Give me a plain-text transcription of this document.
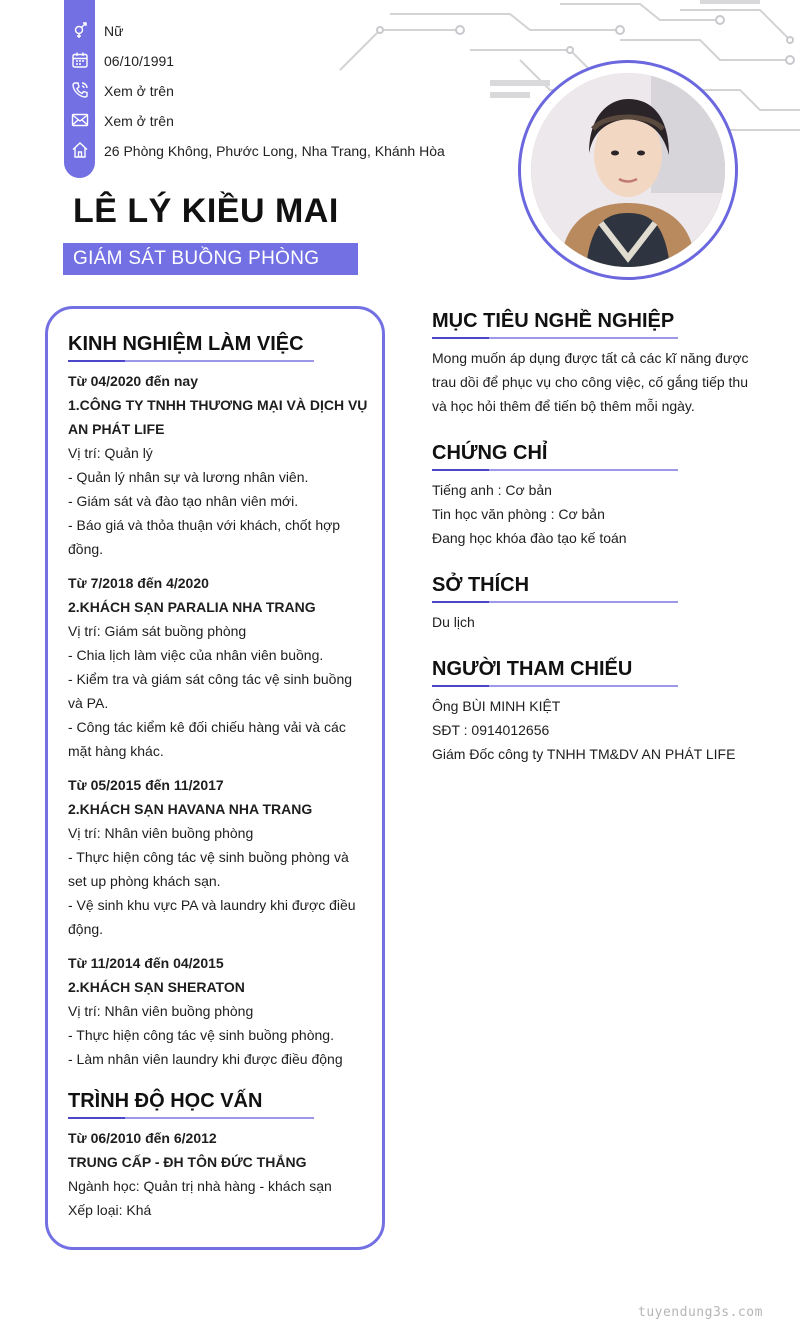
Nữ
06/10/1991
Xem ở trên
Xem ở trên
26 Phòng Không, Phước Long, Nha Trang, Khánh Hòa
LÊ LÝ KIỀU MAI
GIÁM SÁT BUỒNG PHÒNG
KINH NGHIỆM LÀM VIỆC
Từ 04/2020 đến nay
1.CÔNG TY TNHH THƯƠNG MẠI VÀ DỊCH VỤ
AN PHÁT LIFE
Vị trí: Quản lý
- Quản lý nhân sự và lương nhân viên.
- Giám sát và đào tạo nhân viên mới.
- Báo giá và thỏa thuận với khách, chốt hợp
đồng.
Từ 7/2018 đến 4/2020
2.KHÁCH SẠN PARALIA NHA TRANG
Vị trí: Giám sát buồng phòng
- Chia lịch làm việc của nhân viên buồng.
- Kiểm tra và giám sát công tác vệ sinh buồng
và PA.
- Công tác kiểm kê đối chiếu hàng vải và các
mặt hàng khác.
Từ 05/2015 đến 11/2017
2.KHÁCH SẠN HAVANA NHA TRANG
Vị trí: Nhân viên buồng phòng
- Thực hiện công tác vệ sinh buồng phòng và
set up phòng khách sạn.
- Vệ sinh khu vực PA và laundry khi được điều
động.
Từ 11/2014 đến 04/2015
2.KHÁCH SẠN SHERATON
Vị trí: Nhân viên buồng phòng
- Thực hiện công tác vệ sinh buồng phòng.
- Làm nhân viên laundry khi được điều động
TRÌNH ĐỘ HỌC VẤN
Từ 06/2010 đến 6/2012
TRUNG CẤP - ĐH TÔN ĐỨC THẮNG
Ngành học: Quản trị nhà hàng - khách sạn
Xếp loại: Khá
MỤC TIÊU NGHỀ NGHIỆP
Mong muốn áp dụng được tất cả các kĩ năng được
trau dồi để phục vụ cho công việc, cố gắng tiếp thu
và học hỏi thêm để tiến bộ thêm mỗi ngày.
CHỨNG CHỈ
Tiếng anh : Cơ bản
Tin học văn phòng : Cơ bản
Đang học khóa đào tạo kế toán
SỞ THÍCH
Du lịch
NGƯỜI THAM CHIẾU
Ông BÙI MINH KIỆT
SĐT : 0914012656
Giám Đốc công ty TNHH TM&DV AN PHÁT LIFE
tuyendung3s.com
